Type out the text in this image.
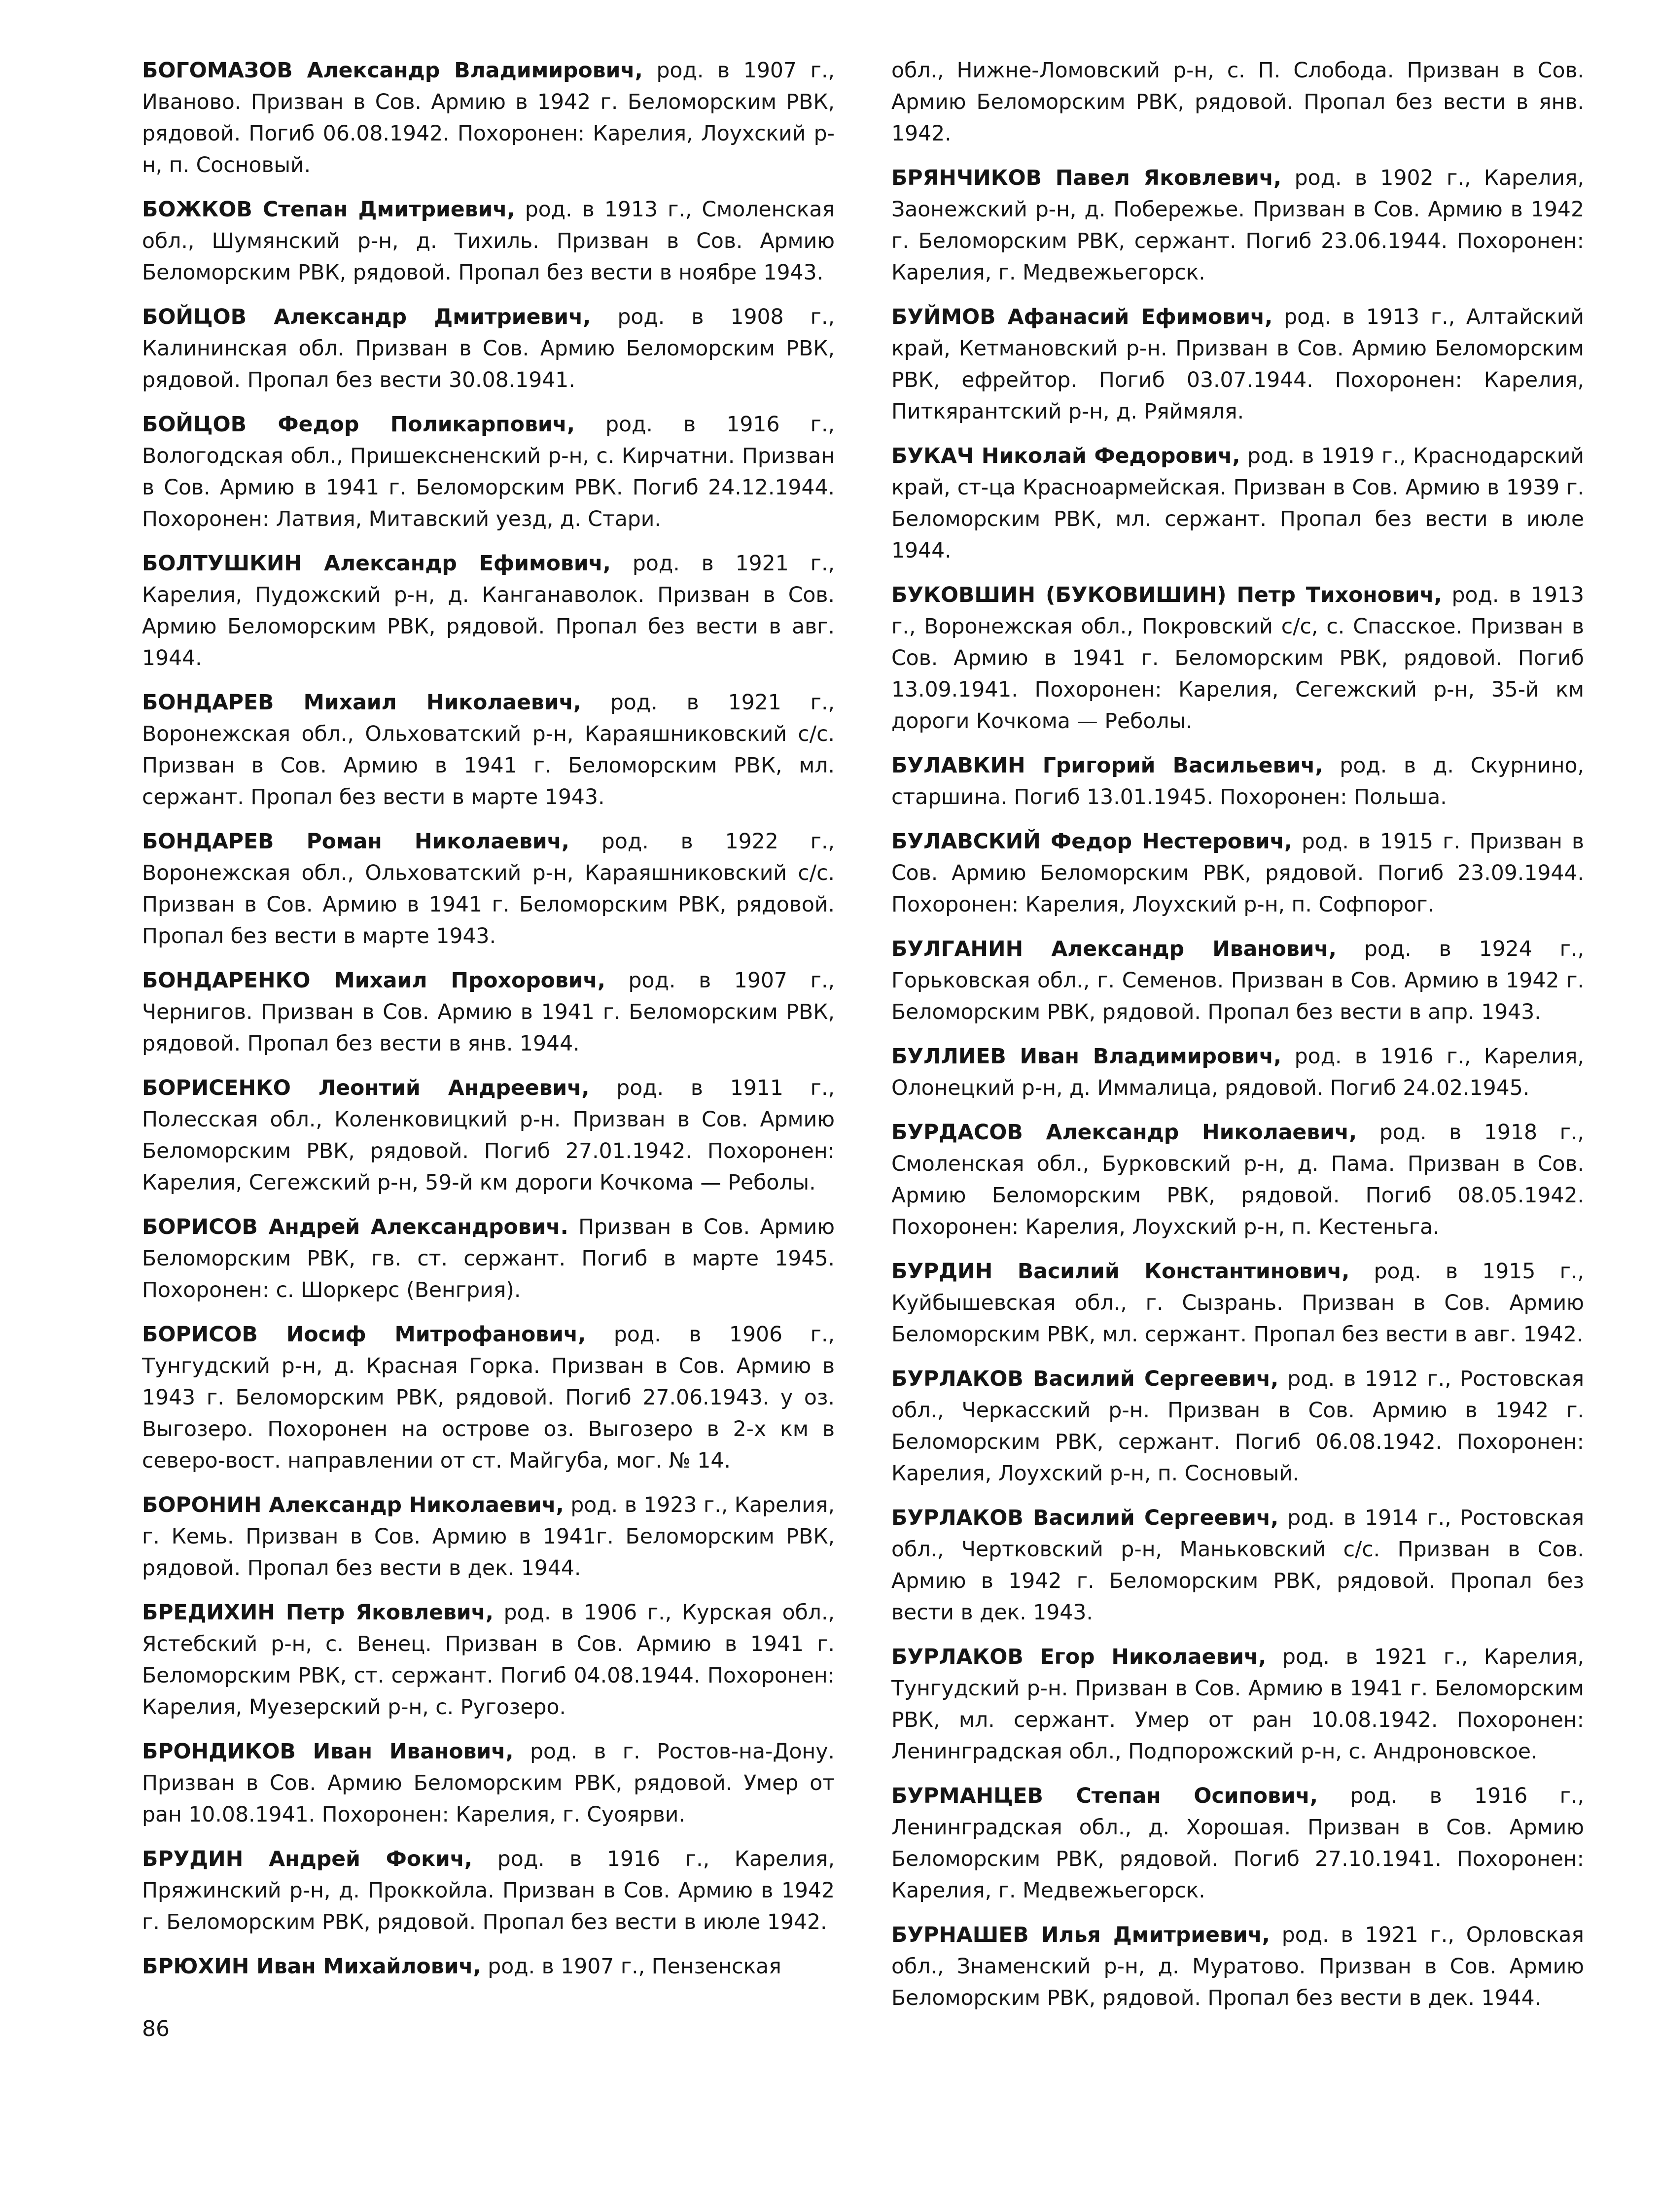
БОГОМАЗОВ Александр Владимирович, род. в 1907 г., Иваново. Призван в Сов. Армию в 1942 г. Беломорским РВК, рядовой. Погиб 06.08.1942. Похоронен: Карелия, Лоухский р-н, п. Сосновый.

БОЖКОВ Степан Дмитриевич, род. в 1913 г., Смоленская обл., Шумянский р-н, д. Тихиль. Призван в Сов. Армию Беломорским РВК, рядовой. Пропал без вести в ноябре 1943.

БОЙЦОВ Александр Дмитриевич, род. в 1908 г., Калининская обл. Призван в Сов. Армию Беломорским РВК, рядовой. Пропал без вести 30.08.1941.

БОЙЦОВ Федор Поликарпович, род. в 1916 г., Вологодская обл., Пришексненский р-н, с. Кирчатни. Призван в Сов. Армию в 1941 г. Беломорским РВК. Погиб 24.12.1944. Похоронен: Латвия, Митавский уезд, д. Стари.

БОЛТУШКИН Александр Ефимович, род. в 1921 г., Карелия, Пудожский р-н, д. Канганаволок. Призван в Сов. Армию Беломорским РВК, рядовой. Пропал без вести в авг. 1944.

БОНДАРЕВ Михаил Николаевич, род. в 1921 г., Воронежская обл., Ольховатский р-н, Караяшниковский с/с. Призван в Сов. Армию в 1941 г. Беломорским РВК, мл. сержант. Пропал без вести в марте 1943.

БОНДАРЕВ Роман Николаевич, род. в 1922 г., Воронежская обл., Ольховатский р-н, Караяшниковский с/с. Призван в Сов. Армию в 1941 г. Беломорским РВК, рядовой. Пропал без вести в марте 1943.

БОНДАРЕНКО Михаил Прохорович, род. в 1907 г., Чернигов. Призван в Сов. Армию в 1941 г. Беломорским РВК, рядовой. Пропал без вести в янв. 1944.

БОРИСЕНКО Леонтий Андреевич, род. в 1911 г., Полесская обл., Коленковицкий р-н. Призван в Сов. Армию Беломорским РВК, рядовой. Погиб 27.01.1942. Похоронен: Карелия, Сегежский р-н, 59-й км дороги Кочкома — Реболы.

БОРИСОВ Андрей Александрович. Призван в Сов. Армию Беломорским РВК, гв. ст. сержант. Погиб в марте 1945. Похоронен: с. Шоркерс (Венгрия).

БОРИСОВ Иосиф Митрофанович, род. в 1906 г., Тунгудский р-н, д. Красная Горка. Призван в Сов. Армию в 1943 г. Беломорским РВК, рядовой. Погиб 27.06.1943. у оз. Выгозеро. Похоронен на острове оз. Выгозеро в 2-х км в северо-вост. направлении от ст. Майгуба, мог. № 14.

БОРОНИН Александр Николаевич, род. в 1923 г., Карелия, г. Кемь. Призван в Сов. Армию в 1941г. Беломорским РВК, рядовой. Пропал без вести в дек. 1944.

БРЕДИХИН Петр Яковлевич, род. в 1906 г., Курская обл., Ястебский р-н, с. Венец. Призван в Сов. Армию в 1941 г. Беломорским РВК, ст. сержант. Погиб 04.08.1944. Похоронен: Карелия, Муезерский р-н, с. Ругозеро.

БРОНДИКОВ Иван Иванович, род. в г. Ростов-на-Дону. Призван в Сов. Армию Беломорским РВК, рядовой. Умер от ран 10.08.1941. Похоронен: Карелия, г. Суоярви.

БРУДИН Андрей Фокич, род. в 1916 г., Карелия, Пряжинский р-н, д. Проккойла. Призван в Сов. Армию в 1942 г. Беломорским РВК, рядовой. Пропал без вести в июле 1942.

БРЮХИН Иван Михайлович, род. в 1907 г., Пензенская

обл., Нижне-Ломовский р-н, с. П. Слобода. Призван в Сов. Армию Беломорским РВК, рядовой. Пропал без вести в янв. 1942.

БРЯНЧИКОВ Павел Яковлевич, род. в 1902 г., Карелия, Заонежский р-н, д. Побережье. Призван в Сов. Армию в 1942 г. Беломорским РВК, сержант. Погиб 23.06.1944. Похоронен: Карелия, г. Медвежьегорск.

БУЙМОВ Афанасий Ефимович, род. в 1913 г., Алтайский край, Кетмановский р-н. Призван в Сов. Армию Беломорским РВК, ефрейтор. Погиб 03.07.1944. Похоронен: Карелия, Питкярантский р-н, д. Ряймяля.

БУКАЧ Николай Федорович, род. в 1919 г., Краснодарский край, ст-ца Красноармейская. Призван в Сов. Армию в 1939 г. Беломорским РВК, мл. сержант. Пропал без вести в июле 1944.

БУКОВШИН (БУКОВИШИН) Петр Тихонович, род. в 1913 г., Воронежская обл., Покровский с/с, с. Спасское. Призван в Сов. Армию в 1941 г. Беломорским РВК, рядовой. Погиб 13.09.1941. Похоронен: Карелия, Сегежский р-н, 35-й км дороги Кочкома — Реболы.

БУЛАВКИН Григорий Васильевич, род. в д. Скурнино, старшина. Погиб 13.01.1945. Похоронен: Польша.

БУЛАВСКИЙ Федор Нестерович, род. в 1915 г. Призван в Сов. Армию Беломорским РВК, рядовой. Погиб 23.09.1944. Похоронен: Карелия, Лоухский р-н, п. Софпорог.

БУЛГАНИН Александр Иванович, род. в 1924 г., Горьковская обл., г. Семенов. Призван в Сов. Армию в 1942 г. Беломорским РВК, рядовой. Пропал без вести в апр. 1943.

БУЛЛИЕВ Иван Владимирович, род. в 1916 г., Карелия, Олонецкий р-н, д. Иммалица, рядовой. Погиб 24.02.1945.

БУРДАСОВ Александр Николаевич, род. в 1918 г., Смоленская обл., Бурковский р-н, д. Пама. Призван в Сов. Армию Беломорским РВК, рядовой. Погиб 08.05.1942. Похоронен: Карелия, Лоухский р-н, п. Кестеньга.

БУРДИН Василий Константинович, род. в 1915 г., Куйбышевская обл., г. Сызрань. Призван в Сов. Армию Беломорским РВК, мл. сержант. Пропал без вести в авг. 1942.

БУРЛАКОВ Василий Сергеевич, род. в 1912 г., Ростовская обл., Черкасский р-н. Призван в Сов. Армию в 1942 г. Беломорским РВК, сержант. Погиб 06.08.1942. Похоронен: Карелия, Лоухский р-н, п. Сосновый.

БУРЛАКОВ Василий Сергеевич, род. в 1914 г., Ростовская обл., Чертковский р-н, Маньковский с/с. Призван в Сов. Армию в 1942 г. Беломорским РВК, рядовой. Пропал без вести в дек. 1943.

БУРЛАКОВ Егор Николаевич, род. в 1921 г., Карелия, Тунгудский р-н. Призван в Сов. Армию в 1941 г. Беломорским РВК, мл. сержант. Умер от ран 10.08.1942. Похоронен: Ленинградская обл., Подпорожский р-н, с. Андроновское.

БУРМАНЦЕВ Степан Осипович, род. в 1916 г., Ленинградская обл., д. Хорошая. Призван в Сов. Армию Беломорским РВК, рядовой. Погиб 27.10.1941. Похоронен: Карелия, г. Медвежьегорск.

БУРНАШЕВ Илья Дмитриевич, род. в 1921 г., Орловская обл., Знаменский р-н, д. Муратово. Призван в Сов. Армию Беломорским РВК, рядовой. Пропал без вести в дек. 1944.

86
